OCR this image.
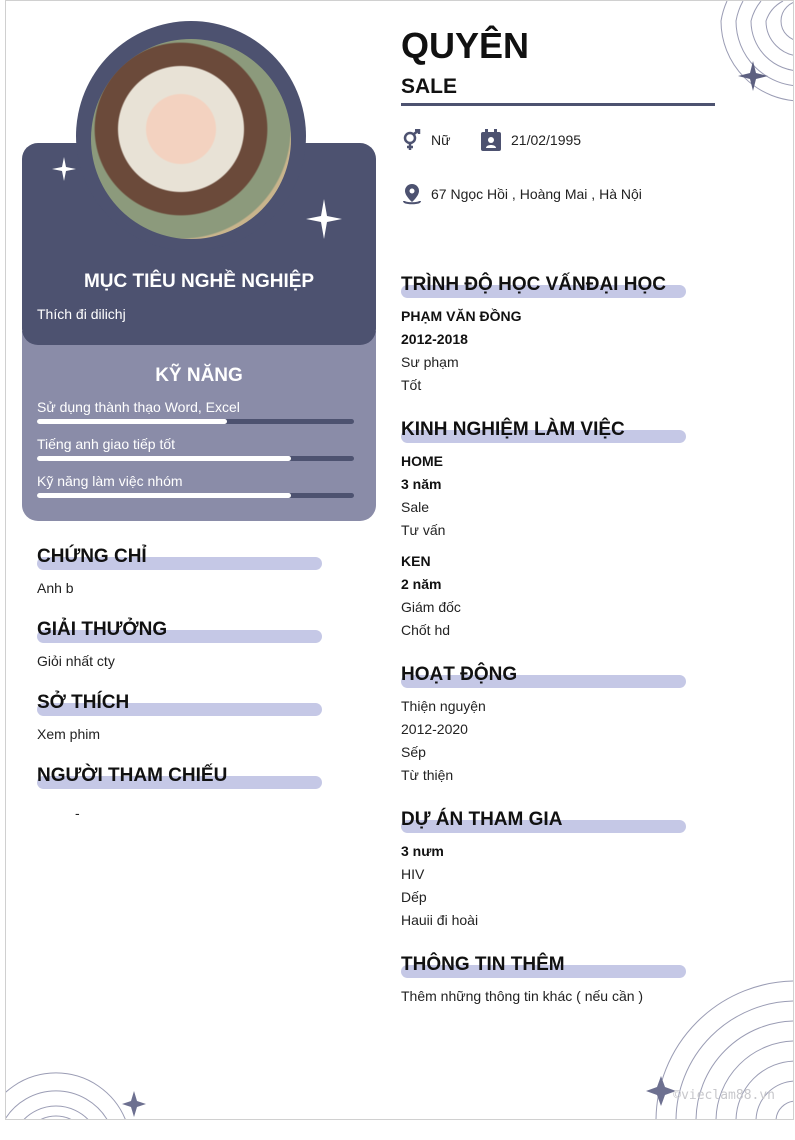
©vieclam88.vn
MỤC TIÊU NGHỀ NGHIỆP
Thích đi dilichj
KỸ NĂNG
Sử dụng thành thạo Word, Excel
Tiếng anh giao tiếp tốt
Kỹ năng làm việc nhóm
CHỨNG CHỈ
Anh b
GIẢI THƯỞNG
Giỏi nhất cty
SỞ THÍCH
Xem phim
NGƯỜI THAM CHIẾU
-
QUYÊN
SALE
Nữ	21/02/1995
67 Ngọc Hồi , Hoàng Mai , Hà Nội
TRÌNH ĐỘ HỌC VẤNĐẠI HỌC
PHẠM VĂN ĐỒNG
2012-2018
Sư phạm
Tốt
KINH NGHIỆM LÀM VIỆC
HOME
3 năm
Sale
Tư vấn
KEN
2 năm
Giám đốc
Chốt hd
HOẠT ĐỘNG
Thiện nguyện
2012-2020
Sếp
Từ thiện
DỰ ÁN THAM GIA
3 nưm
HIV
Dếp
Hauii đi hoài
THÔNG TIN THÊM
Thêm những thông tin khác ( nếu cần )
